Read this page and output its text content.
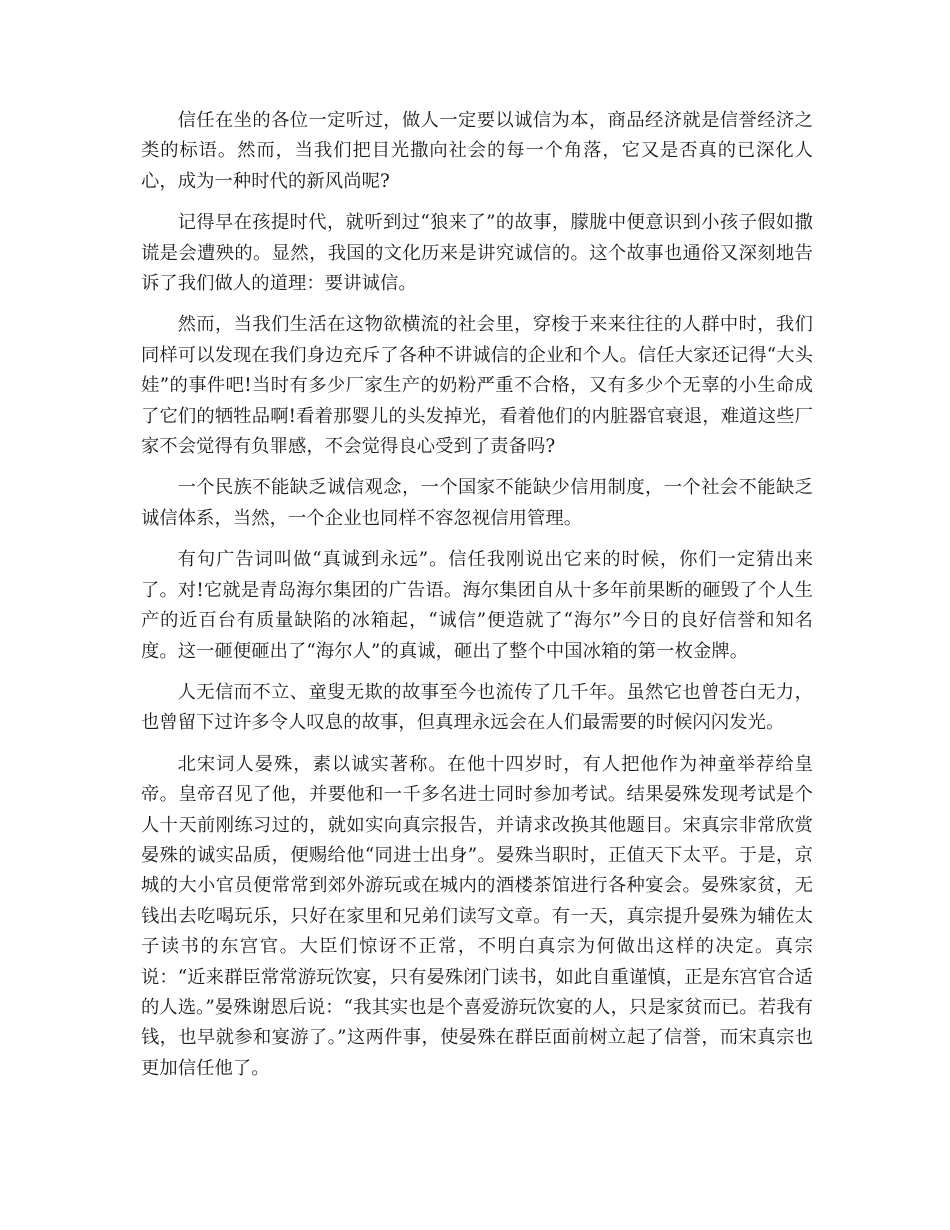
信任在坐的各位一定听过，做人一定要以诚信为本，商品经济就是信誉经济之类的标语。然而，当我们把目光撒向社会的每一个角落，它又是否真的已深化人心，成为一种时代的新风尚呢?

记得早在孩提时代，就听到过“狼来了”的故事，朦胧中便意识到小孩子假如撒谎是会遭殃的。显然，我国的文化历来是讲究诚信的。这个故事也通俗又深刻地告诉了我们做人的道理：要讲诚信。

然而，当我们生活在这物欲横流的社会里，穿梭于来来往往的人群中时，我们同样可以发现在我们身边充斥了各种不讲诚信的企业和个人。信任大家还记得“大头娃”的事件吧!当时有多少厂家生产的奶粉严重不合格，又有多少个无辜的小生命成了它们的牺牲品啊!看着那婴儿的头发掉光，看着他们的内脏器官衰退，难道这些厂家不会觉得有负罪感，不会觉得良心受到了责备吗?

一个民族不能缺乏诚信观念，一个国家不能缺少信用制度，一个社会不能缺乏诚信体系，当然，一个企业也同样不容忽视信用管理。

有句广告词叫做“真诚到永远”。信任我刚说出它来的时候，你们一定猜出来了。对!它就是青岛海尔集团的广告语。海尔集团自从十多年前果断的砸毁了个人生产的近百台有质量缺陷的冰箱起，“诚信”便造就了“海尔”今日的良好信誉和知名度。这一砸便砸出了“海尔人”的真诚，砸出了整个中国冰箱的第一枚金牌。

人无信而不立、童叟无欺的故事至今也流传了几千年。虽然它也曾苍白无力，也曾留下过许多令人叹息的故事，但真理永远会在人们最需要的时候闪闪发光。

北宋词人晏殊，素以诚实著称。在他十四岁时，有人把他作为神童举荐给皇帝。皇帝召见了他，并要他和一千多名进士同时参加考试。结果晏殊发现考试是个人十天前刚练习过的，就如实向真宗报告，并请求改换其他题目。宋真宗非常欣赏晏殊的诚实品质，便赐给他“同进士出身”。晏殊当职时，正值天下太平。于是，京城的大小官员便常常到郊外游玩或在城内的酒楼茶馆进行各种宴会。晏殊家贫，无钱出去吃喝玩乐，只好在家里和兄弟们读写文章。有一天，真宗提升晏殊为辅佐太子读书的东宫官。大臣们惊讶不正常，不明白真宗为何做出这样的决定。真宗说：“近来群臣常常游玩饮宴，只有晏殊闭门读书，如此自重谨慎，正是东宫官合适的人选。”晏殊谢恩后说：“我其实也是个喜爱游玩饮宴的人，只是家贫而已。若我有钱，也早就参和宴游了。”这两件事，使晏殊在群臣面前树立起了信誉，而宋真宗也更加信任他了。
